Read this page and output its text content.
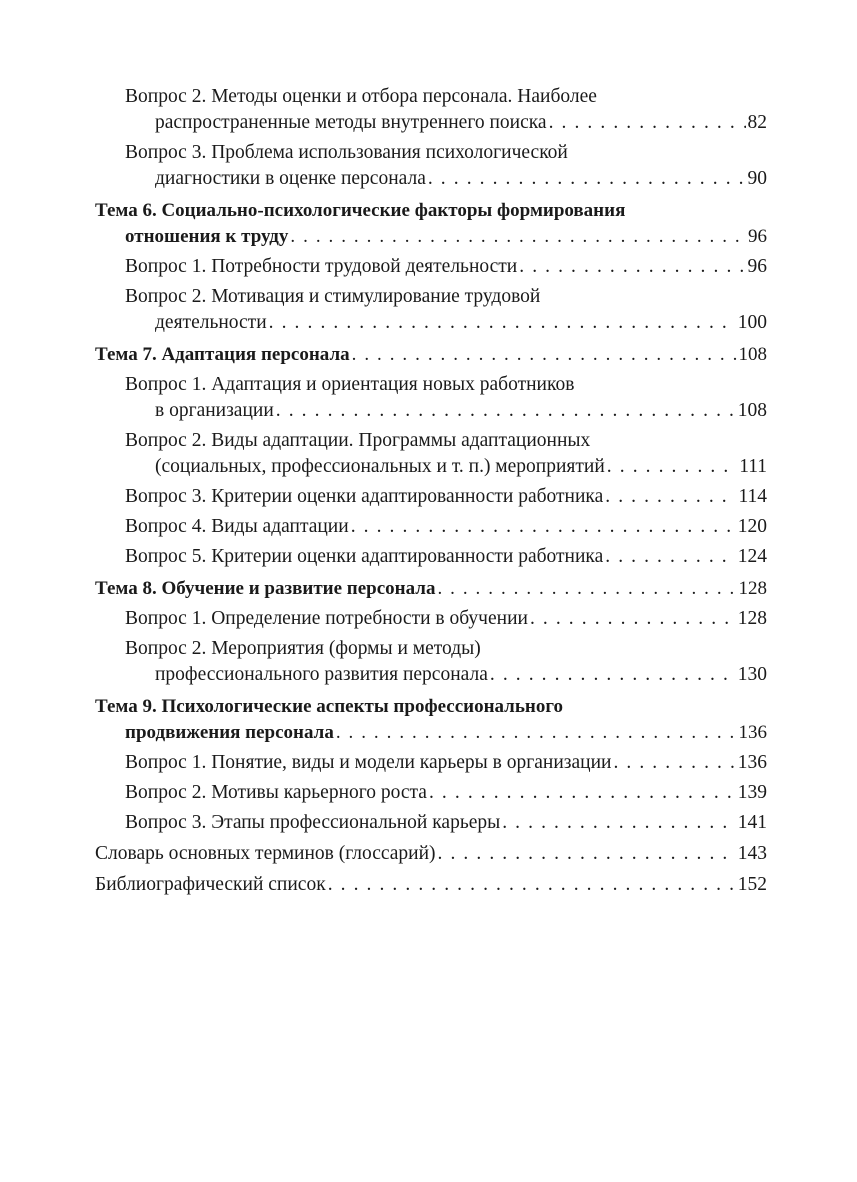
Вопрос 2. Методы оценки и отбора персонала. Наиболее
распространенные методы внутреннего поиска . . .	82
Вопрос 3. Проблема использования психологической
диагностики в оценке персонала . . .	90
Тема 6. Социально-психологические факторы формирования
отношения к труду . . .	96
Вопрос 1. Потребности трудовой деятельности . . .	96
Вопрос 2. Мотивация и стимулирование трудовой
деятельности . . .	100
Тема 7. Адаптация персонала . . .	108
Вопрос 1. Адаптация и ориентация новых работников
в организации . . .	108
Вопрос 2. Виды адаптации. Программы адаптационных
(социальных, профессиональных и т. п.) мероприятий . . .	111
Вопрос 3. Критерии оценки адаптированности работника . . .	114
Вопрос 4. Виды адаптации . . .	120
Вопрос 5. Критерии оценки адаптированности работника . . .	124
Тема 8. Обучение и развитие персонала . . .	128
Вопрос 1. Определение потребности в обучении . . .	128
Вопрос 2. Мероприятия (формы и методы)
профессионального развития персонала . . .	130
Тема 9. Психологические аспекты профессионального
продвижения персонала . . .	136
Вопрос 1. Понятие, виды и модели карьеры в организации . . .	136
Вопрос 2. Мотивы карьерного роста . . .	139
Вопрос 3. Этапы профессиональной карьеры . . .	141
Словарь основных терминов (глоссарий) . . .	143
Библиографический список . . .	152
